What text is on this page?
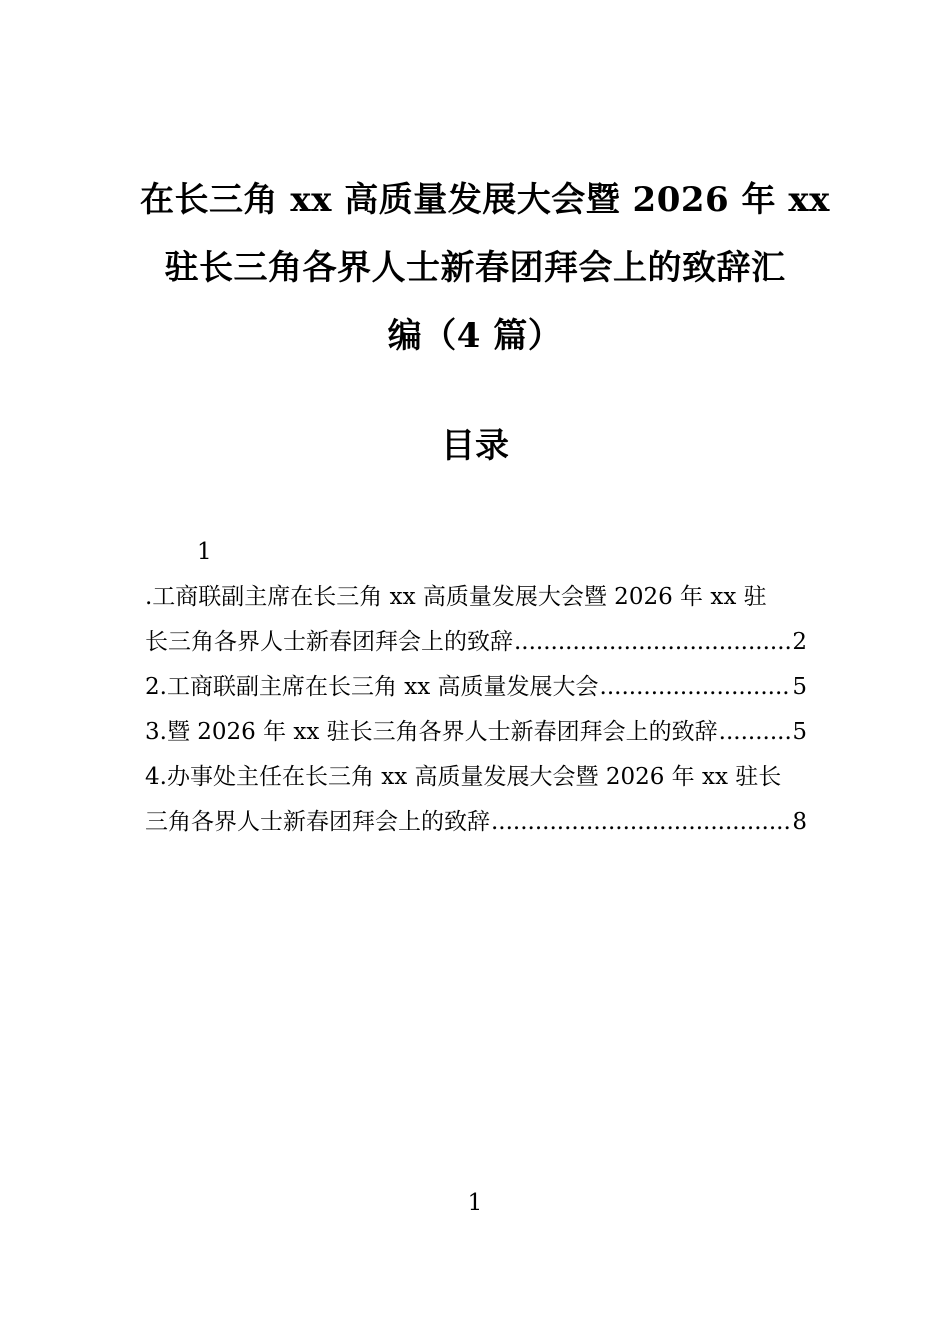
在长三角 xx 高质量发展大会暨 2026 年 xx
驻长三角各界人士新春团拜会上的致辞汇
编（4 篇）
目录
1
.工商联副主席在长三角 xx 高质量发展大会暨 2026 年 xx 驻
长三角各界人士新春团拜会上的致辞 .....	2
2.工商联副主席在长三角 xx 高质量发展大会 .....	5
3.暨 2026 年 xx 驻长三角各界人士新春团拜会上的致辞 .....	5
4.办事处主任在长三角 xx 高质量发展大会暨 2026 年 xx 驻长
三角各界人士新春团拜会上的致辞 .....	8
1
